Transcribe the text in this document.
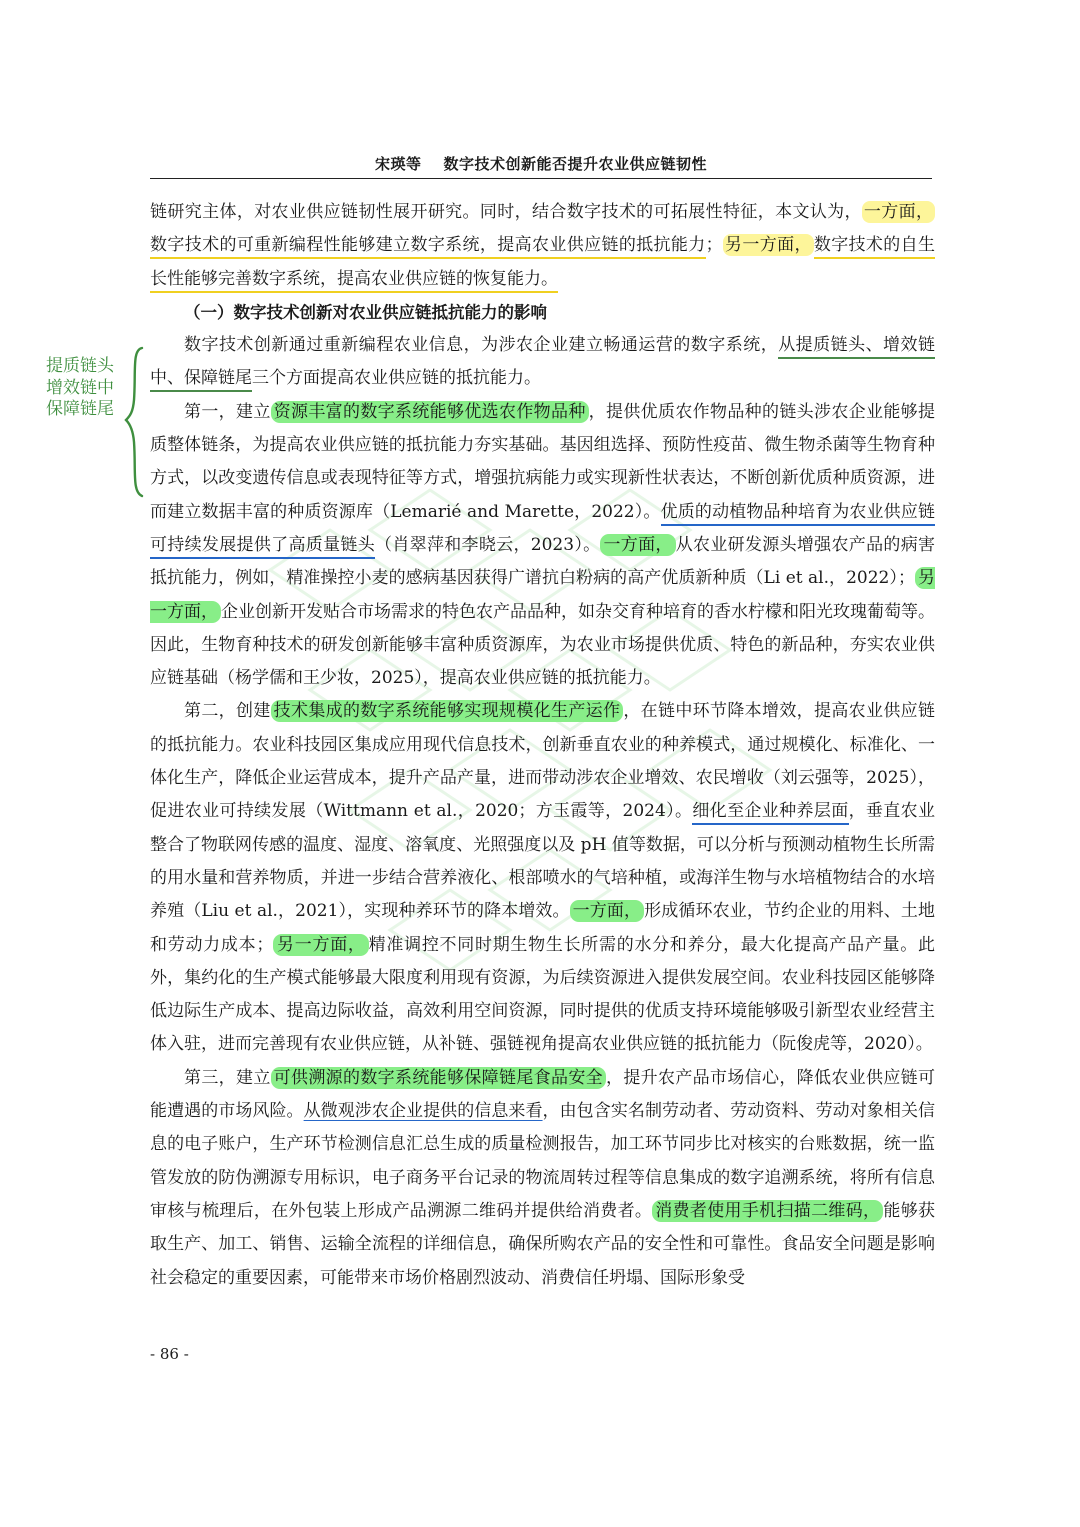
宋瑛等 数字技术创新能否提升农业供应链韧性
提质链头
增效链中
保障链尾

链研究主体，对农业供应链韧性展开研究。同时，结合数字技术的可拓展性特征，本文认为， 一方面，数字技术的可重新编程性能够建立数字系统，提高农业供应链的抵抗能力； 另一方面， 数字技术的自生长性能够完善数字系统，提高农业供应链的恢复能力。

（一）数字技术创新对农业供应链抵抗能力的影响

数字技术创新通过重新编程农业信息，为涉农企业建立畅通运营的数字系统，从提质链头、增效链中、保障链尾三个方面提高农业供应链的抵抗能力。

第一，建立 资源丰富的数字系统能够优选农作物品种 ，提供优质农作物品种的链头涉农企业能够提质整体链条，为提高农业供应链的抵抗能力夯实基础。基因组选择、预防性疫苗、微生物杀菌等生物育种方式，以改变遗传信息或表现特征等方式，增强抗病能力或实现新性状表达，不断创新优质种质资源，进而建立数据丰富的种质资源库（Lemarié and Marette，2022）。优质的动植物品种培育为农业供应链可持续发展提供了高质量链头（肖翠萍和李晓云，2023）。 一方面， 从农业研发源头增强农产品的病害抵抗能力，例如，精准操控小麦的感病基因获得广谱抗白粉病的高产优质新种质（Li et al.，2022）； 另一方面， 企业创新开发贴合市场需求的特色农产品品种，如杂交育种培育的香水柠檬和阳光玫瑰葡萄等。因此，生物育种技术的研发创新能够丰富种质资源库，为农业市场提供优质、特色的新品种，夯实农业供应链基础（杨学儒和王少妆，2025），提高农业供应链的抵抗能力。

第二，创建 技术集成的数字系统能够实现规模化生产运作 ，在链中环节降本增效，提高农业供应链的抵抗能力。农业科技园区集成应用现代信息技术，创新垂直农业的种养模式，通过规模化、标准化、一体化生产，降低企业运营成本，提升产品产量，进而带动涉农企业增效、农民增收（刘云强等，2025），促进农业可持续发展（Wittmann et al.，2020；方玉霞等，2024）。细化至企业种养层面，垂直农业整合了物联网传感的温度、湿度、溶氧度、光照强度以及 pH 值等数据，可以分析与预测动植物生长所需的用水量和营养物质，并进一步结合营养液化、根部喷水的气培种植，或海洋生物与水培植物结合的水培养殖（Liu et al.，2021），实现种养环节的降本增效。 一方面， 形成循环农业，节约企业的用料、土地和劳动力成本； 另一方面， 精准调控不同时期生物生长所需的水分和养分，最大化提高产品产量。此外，集约化的生产模式能够最大限度利用现有资源，为后续资源进入提供发展空间。农业科技园区能够降低边际生产成本、提高边际收益，高效利用空间资源，同时提供的优质支持环境能够吸引新型农业经营主体入驻，进而完善现有农业供应链，从补链、强链视角提高农业供应链的抵抗能力（阮俊虎等，2020）。

第三，建立 可供溯源的数字系统能够保障链尾食品安全 ，提升农产品市场信心，降低农业供应链可能遭遇的市场风险。从微观涉农企业提供的信息来看，由包含实名制劳动者、劳动资料、劳动对象相关信息的电子账户，生产环节检测信息汇总生成的质量检测报告，加工环节同步比对核实的台账数据，统一监管发放的防伪溯源专用标识，电子商务平台记录的物流周转过程等信息集成的数字追溯系统，将所有信息审核与梳理后，在外包装上形成产品溯源二维码并提供给消费者。 消费者使用手机扫描二维码， 能够获取生产、加工、销售、运输全流程的详细信息，确保所购农产品的安全性和可靠性。食品安全问题是影响社会稳定的重要因素，可能带来市场价格剧烈波动、消费信任坍塌、国际形象受

- 86 -
